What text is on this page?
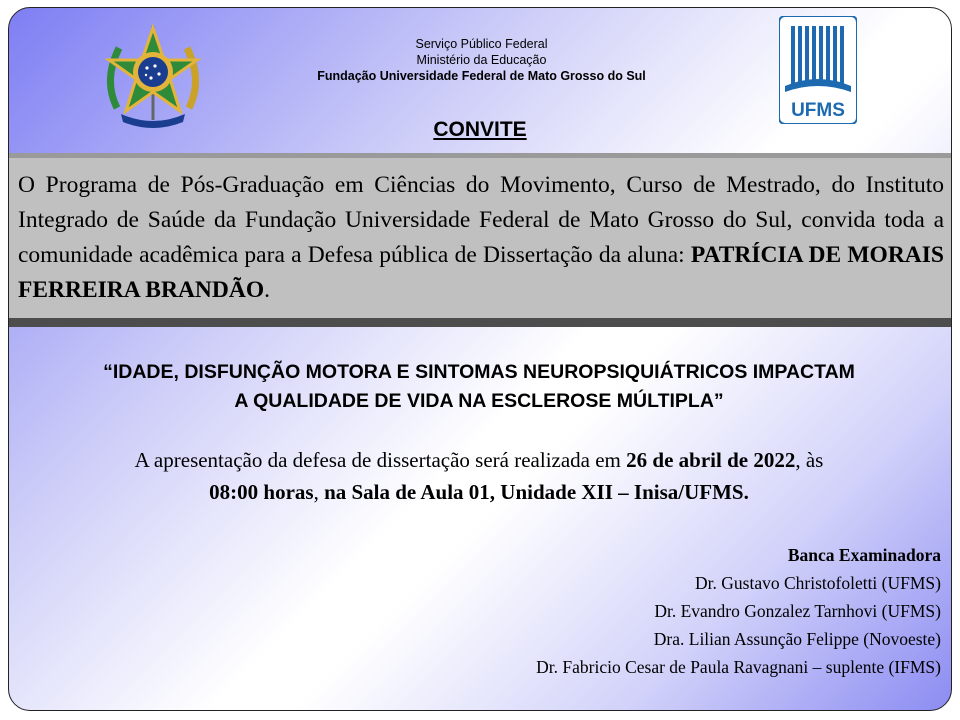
Serviço Público Federal
Ministério da Educação
Fundação Universidade Federal de Mato Grosso do Sul
UFMS
CONVITE
O Programa de Pós-Graduação em Ciências do Movimento, Curso de Mestrado, do Instituto Integrado de Saúde da Fundação Universidade Federal de Mato Grosso do Sul, convida toda a comunidade acadêmica para a Defesa pública de Dissertação da aluna: PATRÍCIA DE MORAIS FERREIRA BRANDÃO.
“IDADE, DISFUNÇÃO MOTORA E SINTOMAS NEUROPSIQUIÁTRICOS IMPACTAM
A QUALIDADE DE VIDA NA ESCLEROSE MÚLTIPLA”
A apresentação da defesa de dissertação será realizada em 26 de abril de 2022, às
08:00 horas, na Sala de Aula 01, Unidade XII – Inisa/UFMS.
Banca Examinadora
Dr. Gustavo Christofoletti (UFMS)
Dr. Evandro Gonzalez Tarnhovi (UFMS)
Dra. Lilian Assunção Felippe (Novoeste)
Dr. Fabricio Cesar de Paula Ravagnani – suplente (IFMS)
